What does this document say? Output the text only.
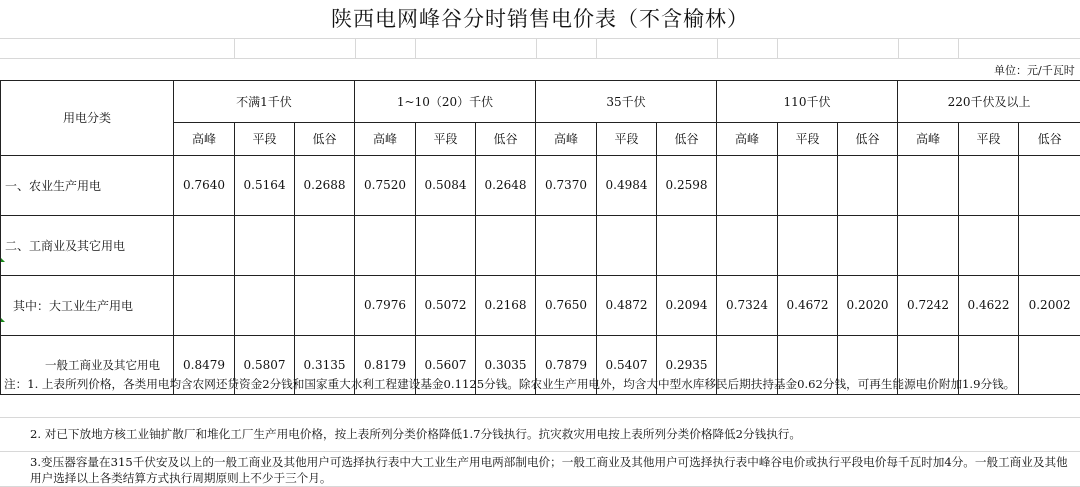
陕西电网峰谷分时销售电价表（不含榆林）
单位：元/千瓦时															
用电分类	不满1千伏			1~10（20）千伏			35千伏			110千伏			220千伏及以上		
	高峰	平段	低谷	高峰	平段	低谷	高峰	平段	低谷	高峰	平段	低谷	高峰	平段	低谷
一、农业生产用电	0.7640	0.5164	0.2688	0.7520	0.5084	0.2648	0.7370	0.4984	0.2598						
二、工商业及其它用电															
其中：大工业生产用电				0.7976	0.5072	0.2168	0.7650	0.4872	0.2094	0.7324	0.4672	0.2020	0.7242	0.4622	0.2002
一般工商业及其它用电	0.8479	0.5807	0.3135	0.8179	0.5607	0.3035	0.7879	0.5407	0.2935						
注：1. 上表所列价格，各类用电均含农网还贷资金2分钱和国家重大水利工程建设基金0.1125分钱。除农业生产用电外，均含大中型水库移民后期扶持基金0.62分钱，可再生能源电价附加1.9分钱。
2. 对已下放地方核工业铀扩散厂和堆化工厂生产用电价格，按上表所列分类价格降低1.7分钱执行。抗灾救灾用电按上表所列分类价格降低2分钱执行。
3.变压器容量在315千伏安及以上的一般工商业及其他用户可选择执行表中大工业生产用电两部制电价；一般工商业及其他用户可选择执行表中峰谷电价或执行平段电价每千瓦时加4分。一般工商业及其他用户选择以上各类结算方式执行周期原则上不少于三个月。
